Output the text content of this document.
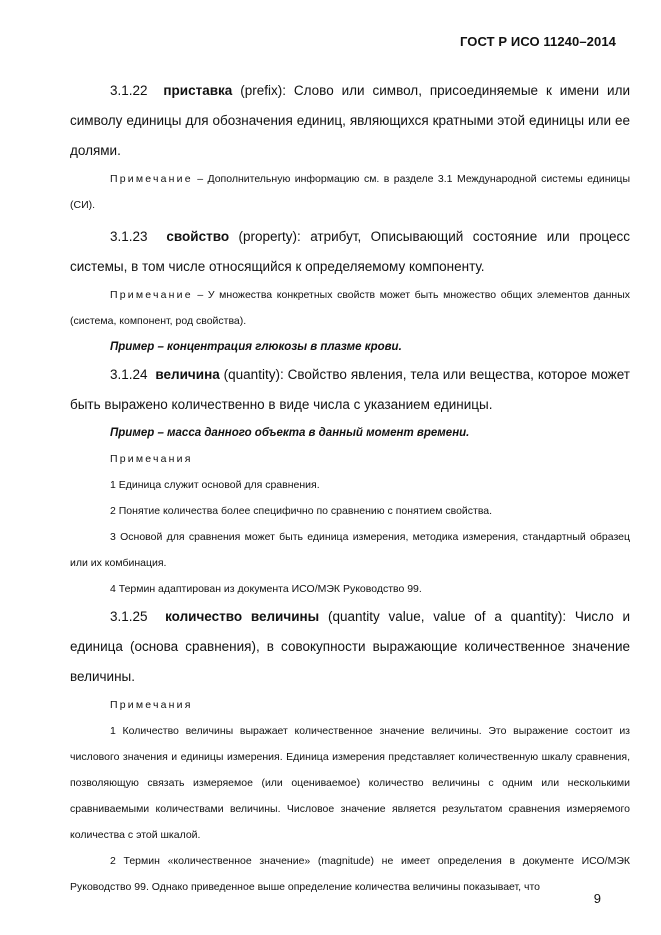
ГОСТ Р ИСО 11240–2014

3.1.22 приставка (prefix): Слово или символ, присоединяемые к имени или символу единицы для обозначения единиц, являющихся кратными этой единицы или ее долями.

Примечание – Дополнительную информацию см. в разделе 3.1 Международной системы единицы (СИ).

3.1.23 свойство (property): атрибут, Описывающий состояние или процесс системы, в том числе относящийся к определяемому компоненту.

Примечание – У множества конкретных свойств может быть множество общих элементов данных (система, компонент, род свойства).

Пример – концентрация глюкозы в плазме крови.

3.1.24 величина (quantity): Свойство явления, тела или вещества, которое может быть выражено количественно в виде числа с указанием единицы.

Пример – масса данного объекта в данный момент времени.

Примечания

1 Единица служит основой для сравнения.

2 Понятие количества более специфично по сравнению с понятием свойства.

3 Основой для сравнения может быть единица измерения, методика измерения, стандартный образец или их комбинация.

4 Термин адаптирован из документа ИСО/МЭК Руководство 99.

3.1.25 количество величины (quantity value, value of a quantity): Число и единица (основа сравнения), в совокупности выражающие количественное значение величины.

Примечания

1 Количество величины выражает количественное значение величины. Это выражение состоит из числового значения и единицы измерения. Единица измерения представляет количественную шкалу сравнения, позволяющую связать измеряемое (или оцениваемое) количество величины с одним или несколькими сравниваемыми количествами величины. Числовое значение является результатом сравнения измеряемого количества с этой шкалой.

2 Термин «количественное значение» (magnitude) не имеет определения в документе ИСО/МЭК Руководство 99. Однако приведенное выше определение количества величины показывает, что

9
